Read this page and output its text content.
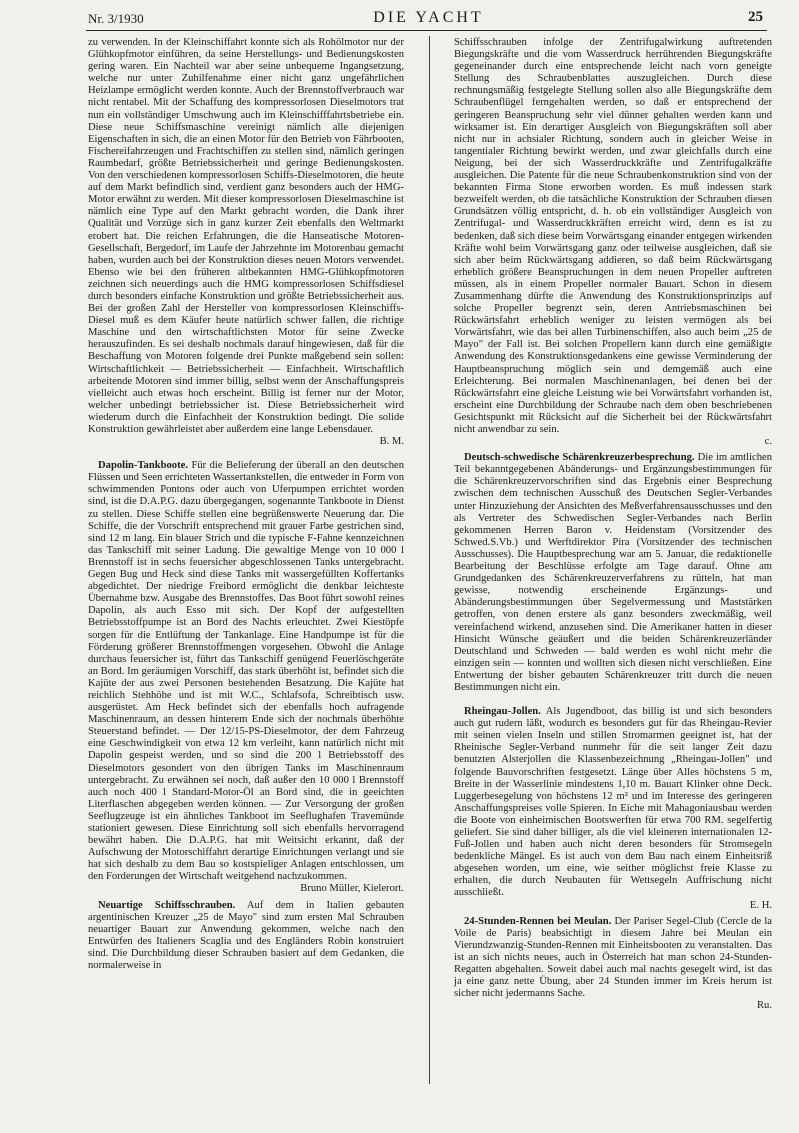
Nr. 3/1930	DIE YACHT	25

zu verwenden. In der Kleinschiffahrt konnte sich als Rohölmotor nur der Glühkopfmotor einführen, da seine Herstellungs- und Bedienungskosten gering waren. Ein Nachteil war aber seine unbequeme Ingangsetzung, welche nur unter Zuhilfenahme einer nicht ganz ungefährlichen Heizlampe ermöglicht werden konnte. Auch der Brennstoffverbrauch war nicht rentabel. Mit der Schaffung des kompressorlosen Dieselmotors trat nun ein vollständiger Umschwung auch im Kleinschifffahrtsbetriebe ein. Diese neue Schiffsmaschine vereinigt nämlich alle diejenigen Eigenschaften in sich, die an einen Motor für den Betrieb von Fährbooten, Fischereifahrzeugen und Frachtschiffen zu stellen sind, nämlich geringen Raumbedarf, größte Betriebssicherheit und geringe Bedienungskosten. Von den verschiedenen kompressorlosen Schiffs-Dieselmotoren, die heute auf dem Markt befindlich sind, verdient ganz besonders auch der HMG-Motor erwähnt zu werden. Mit dieser kompressorlosen Dieselmaschine ist nämlich eine Type auf den Markt gebracht worden, die Dank ihrer Qualität und Vorzüge sich in ganz kurzer Zeit ebenfalls den Weltmarkt erobert hat. Die reichen Erfahrungen, die die Hanseatische Motoren-Gesellschaft, Bergedorf, im Laufe der Jahrzehnte im Motorenbau gemacht haben, wurden auch bei der Konstruktion dieses neuen Motors verwendet. Ebenso wie bei den früheren altbekannten HMG-Glühkopfmotoren zeichnen sich neuerdings auch die HMG kompressorlosen Schiffsdiesel durch besonders einfache Konstruktion und größte Betriebssicherheit aus. Bei der großen Zahl der Hersteller von kompressorlosen Kleinschiffs-Diesel muß es dem Käufer heute natürlich schwer fallen, die richtige Maschine und den wirtschaftlichsten Motor für seine Zwecke herauszufinden. Es sei deshalb nochmals darauf hingewiesen, daß für die Beschaffung von Motoren folgende drei Punkte maßgebend sein sollen: Wirtschaftlichkeit — Betriebssicherheit — Einfachheit. Wirtschaftlich arbeitende Motoren sind immer billig, selbst wenn der Anschaffungspreis vielleicht auch etwas hoch erscheint. Billig ist ferner nur der Motor, welcher unbedingt betriebssicher ist. Diese Betriebssicherheit wird wiederum durch die Einfachheit der Konstruktion bedingt. Die solide Konstruktion gewährleistet aber außerdem eine lange Lebensdauer.

B. M.

Dapolin-Tankboote. Für die Belieferung der überall an den deutschen Flüssen und Seen errichteten Wassertankstellen, die entweder in Form von schwimmenden Pontons oder auch von Uferpumpen errichtet worden sind, ist die D.A.P.G. dazu übergegangen, sogenannte Tankboote in Dienst zu stellen. Diese Schiffe stellen eine begrüßenswerte Neuerung dar. Die Schiffe, die der Vorschrift entsprechend mit grauer Farbe gestrichen sind, sind 12 m lang. Ein blauer Strich und die typische F-Fahne kennzeichnen das Tankschiff mit seiner Ladung. Die gewaltige Menge von 10 000 l Brennstoff ist in sechs feuersicher abgeschlossenen Tanks untergebracht. Gegen Bug und Heck sind diese Tanks mit wassergefüllten Koffertanks abgedichtet. Der niedrige Freibord ermöglicht die denkbar leichteste Übernahme bzw. Ausgabe des Brennstoffes. Das Boot führt sowohl reines Dapolin, als auch Esso mit sich. Der Kopf der aufgestellten Betriebsstoffpumpe ist an Bord des Nachts erleuchtet. Zwei Kiestöpfe sorgen für die Entlüftung der Tankanlage. Eine Handpumpe ist für die Förderung größerer Brennstoffmengen vorgesehen. Obwohl die Anlage durchaus feuersicher ist, führt das Tankschiff genügend Feuerlöschgeräte an Bord. Im geräumigen Vorschiff, das stark überhöht ist, befindet sich die Kajüte der aus zwei Personen bestehenden Besatzung. Die Kajüte hat reichlich Stehhöhe und ist mit W.C., Schlafsofa, Schreibtisch usw. ausgerüstet. Am Heck befindet sich der ebenfalls hoch aufragende Maschinenraum, an dessen hinterem Ende sich der nochmals überhöhte Steuerstand befindet. — Der 12/15-PS-Dieselmotor, der dem Fahrzeug eine Geschwindigkeit von etwa 12 km verleiht, kann natürlich nicht mit Dapolin gespeist werden, und so sind die 200 l Betriebsstoff des Dieselmotors gesondert von den übrigen Tanks im Maschinenraum untergebracht. Zu erwähnen sei noch, daß außer den 10 000 l Brennstoff auch noch 400 l Standard-Motor-Öl an Bord sind, die in geeichten Literflaschen abgegeben werden können. — Zur Versorgung der großen Seeflugzeuge ist ein ähnliches Tankboot im Seeflughafen Travemünde stationiert gewesen. Diese Einrichtung soll sich ebenfalls hervorragend bewährt haben. Die D.A.P.G. hat mit Weitsicht erkannt, daß der Aufschwung der Motorschiffahrt derartige Einrichtungen verlangt und sie hat sich deshalb zu dem Bau so kostspieliger Anlagen entschlossen, um den Forderungen der Wirtschaft weitgehend nachzukommen.

Bruno Müller, Kielerort.

Neuartige Schiffsschrauben. Auf dem in Italien gebauten argentinischen Kreuzer „25 de Mayo" sind zum ersten Mal Schrauben neuartiger Bauart zur Anwendung gekommen, welche nach den Entwürfen des Italieners Scaglia und des Engländers Robin konstruiert sind. Die Durchbildung dieser Schrauben basiert auf dem Gedanken, die normalerweise in

Schiffsschrauben infolge der Zentrifugalwirkung auftretenden Biegungskräfte und die vom Wasserdruck herrührenden Biegungskräfte gegeneinander durch eine entsprechende leicht nach vorn geneigte Stellung des Schraubenblattes auszugleichen. Durch diese rechnungsmäßig festgelegte Stellung sollen also alle Biegungskräfte dem Schraubenflügel ferngehalten werden, so daß er entsprechend der geringeren Beanspruchung sehr viel dünner gehalten werden kann und wirksamer ist. Ein derartiger Ausgleich von Biegungskräften soll aber nicht nur in achsialer Richtung, sondern auch in gleicher Weise in tangentialer Richtung bewirkt werden, und zwar gleichfalls durch eine Neigung, bei der sich Wasserdruckkräfte und Zentrifugalkräfte ausgleichen. Die Patente für die neue Schraubenkonstruktion sind von der bekannten Firma Stone erworben worden. Es muß indessen stark bezweifelt werden, ob die tatsächliche Konstruktion der Schrauben diesen Grundsätzen völlig entspricht, d. h. ob ein vollständiger Ausgleich von Zentrifugal- und Wasserdruckkräften erreicht wird, denn es ist zu bedenken, daß sich diese beim Vorwärtsgang einander entgegen wirkenden Kräfte wohl beim Vorwärtsgang ganz oder teilweise ausgleichen, daß sie sich aber beim Rückwärtsgang addieren, so daß beim Rückwärtsgang erheblich größere Beanspruchungen in dem neuen Propeller auftreten müssen, als in einem Propeller normaler Bauart. Schon in diesem Zusammenhang dürfte die Anwendung des Konstruktionsprinzips auf solche Propeller begrenzt sein, deren Antriebsmaschinen bei Rückwärtsfahrt erheblich weniger zu leisten vermögen als bei Vorwärtsfahrt, wie das bei allen Turbinenschiffen, also auch beim „25 de Mayo" der Fall ist. Bei solchen Propellern kann durch eine gemäßigte Anwendung des Konstruktionsgedankens eine gewisse Verminderung der Hauptbeanspruchung möglich sein und demgemäß auch eine Erleichterung. Bei normalen Maschinenanlagen, bei denen bei der Rückwärtsfahrt eine gleiche Leistung wie bei Vorwärtsfahrt vorhanden ist, erscheint eine Durchbildung der Schraube nach dem oben beschriebenen Gesichtspunkt mit Rücksicht auf die Sicherheit bei der Rückwärtsfahrt nicht anwendbar zu sein.

c.

Deutsch-schwedische Schärenkreuzerbesprechung. Die im amtlichen Teil bekanntgegebenen Abänderungs- und Ergänzungsbestimmungen für die Schärenkreuzervorschriften sind das Ergebnis einer Besprechung zwischen dem technischen Ausschuß des Deutschen Segler-Verbandes unter Hinzuziehung der Ansichten des Meßverfahrensausschusses und den als Vertreter des Schwedischen Segler-Verbandes nach Berlin gekommenen Herren Baron v. Heidenstam (Vorsitzender des Schwed.S.Vb.) und Werftdirektor Pira (Vorsitzender des technischen Ausschusses). Die Hauptbesprechung war am 5. Januar, die redaktionelle Bearbeitung der Beschlüsse erfolgte am Tage darauf. Ohne am Grundgedanken des Schärenkreuzerverfahrens zu rütteln, hat man gewisse, notwendig erscheinende Ergänzungs- und Abänderungsbestimmungen über Segelvermessung und Maststärken getroffen, von denen erstere als ganz besonders zweckmäßig, weil vereinfachend wirkend, anzusehen sind. Die Amerikaner hatten in dieser Hinsicht Wünsche geäußert und die beiden Schärenkreuzerländer Deutschland und Schweden — bald werden es wohl nicht mehr die einzigen sein — konnten und wollten sich diesen nicht verschließen. Eine Entwertung der bisher gebauten Schärenkreuzer tritt durch die neuen Bestimmungen nicht ein.

Rheingau-Jollen. Als Jugendboot, das billig ist und sich besonders auch gut rudern läßt, wodurch es besonders gut für das Rheingau-Revier mit seinen vielen Inseln und stillen Stromarmen geeignet ist, hat der Rheinische Segler-Verband nunmehr für die seit langer Zeit dazu benutzten Alsterjollen die Klassenbezeichnung „Rheingau-Jollen" und folgende Bauvorschriften festgesetzt. Länge über Alles höchstens 5 m, Breite in der Wasserlinie mindestens 1,10 m. Bauart Klinker ohne Deck. Luggerbesegelung von höchstens 12 m² und im Interesse des geringeren Anschaffungspreises volle Spieren. In Eiche mit Mahagoniausbau werden die Boote von einheimischen Bootswerften für etwa 700 RM. segelfertig geliefert. Sie sind daher billiger, als die viel kleineren internationalen 12-Fuß-Jollen und haben auch nicht deren besonders für Stromsegeln bedenkliche Mängel. Es ist auch von dem Bau nach einem Einheitsriß abgesehen worden, um eine, wie seither möglichst freie Klasse zu erhalten, die durch Neubauten für Wettsegeln Auffrischung nicht ausschließt.

E. H.

24-Stunden-Rennen bei Meulan. Der Pariser Segel-Club (Cercle de la Voile de Paris) beabsichtigt in diesem Jahre bei Meulan ein Vierundzwanzig-Stunden-Rennen mit Einheitsbooten zu veranstalten. Das ist an sich nichts neues, auch in Österreich hat man schon 24-Stunden-Regatten abgehalten. Soweit dabei auch mal nachts gesegelt wird, ist das ja eine ganz nette Übung, aber 24 Stunden immer im Kreis herum ist sicher nicht jedermanns Sache.

Ru.
